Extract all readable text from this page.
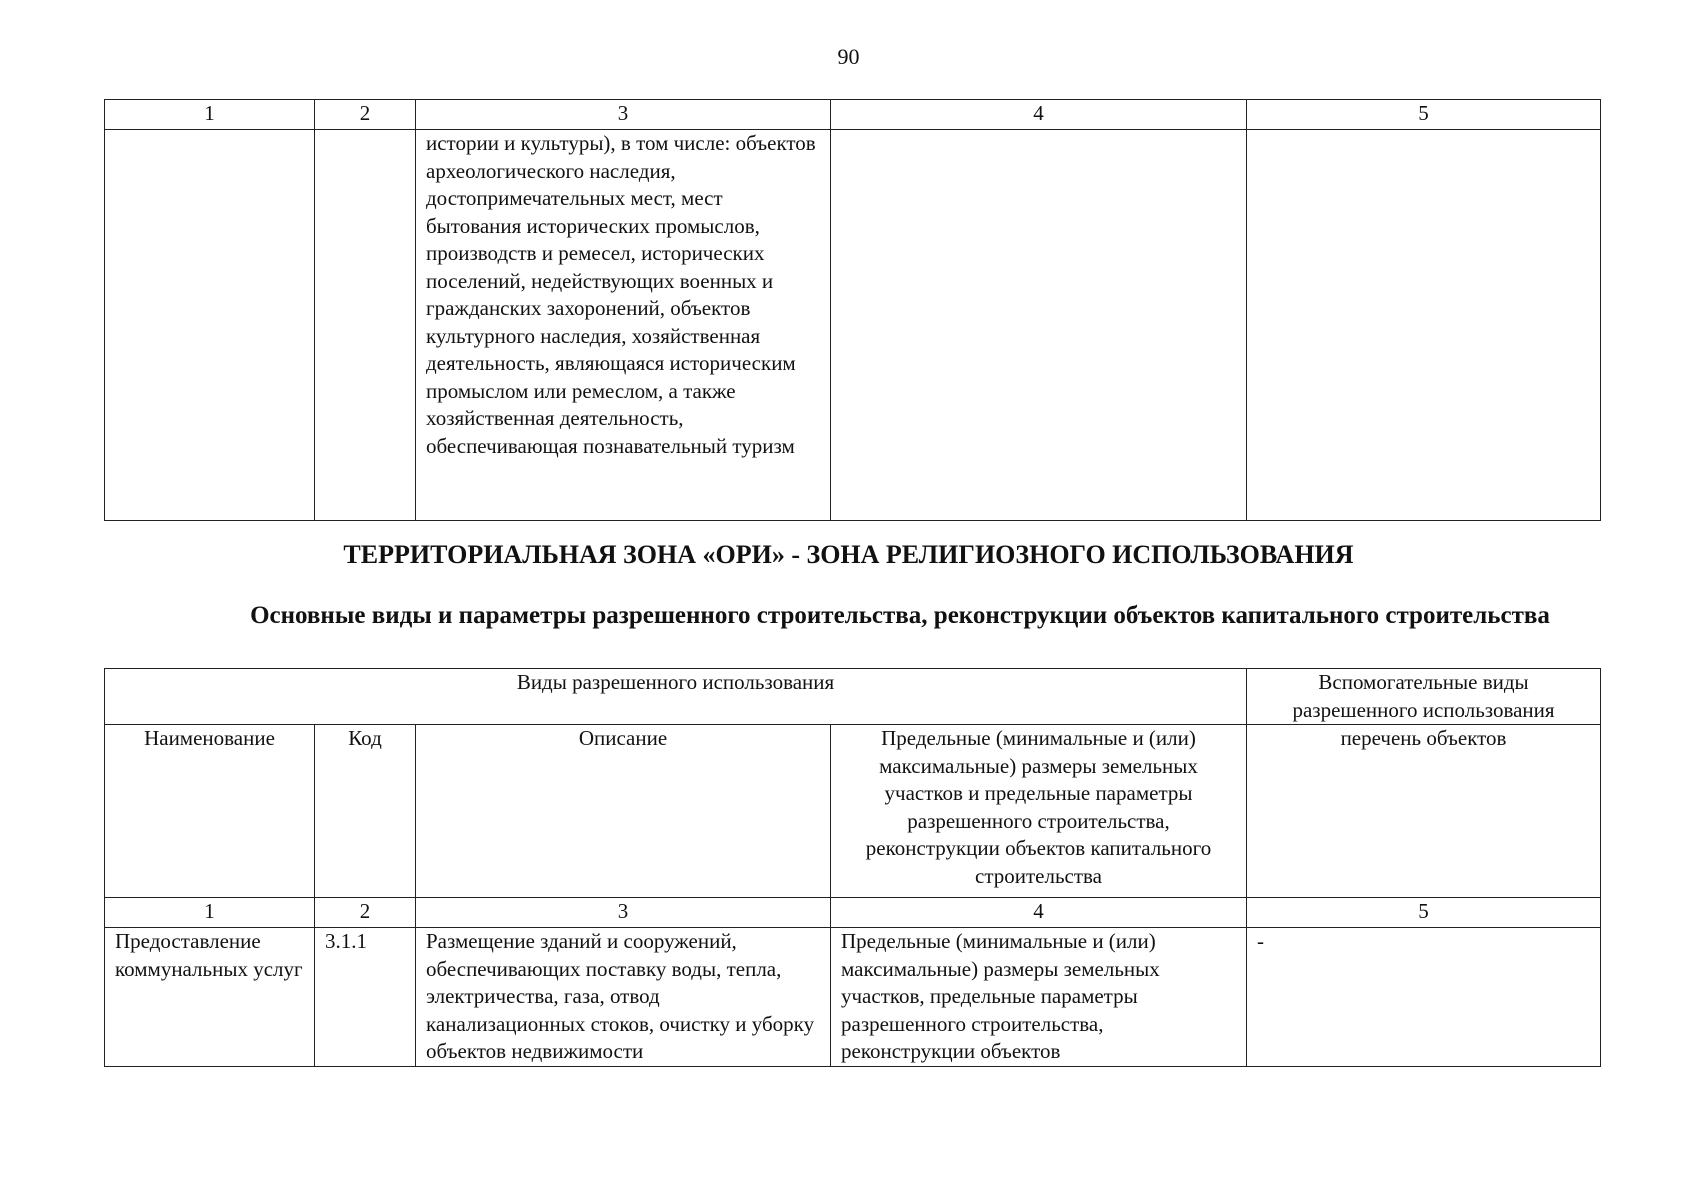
90
1	2	3	4	5
		истории и культуры), в том числе: объектов археологического наследия, достопримечательных мест, мест бытования исторических промыслов, производств и ремесел, исторических поселений, недействующих военных и гражданских захоронений, объектов культурного наследия, хозяйственная деятельность, являющаяся историческим промыслом или ремеслом, а также хозяйственная деятельность, обеспечивающая познавательный туризм		
ТЕРРИТОРИАЛЬНАЯ ЗОНА «ОРИ» - ЗОНА РЕЛИГИОЗНОГО ИСПОЛЬЗОВАНИЯ
Основные виды и параметры разрешенного строительства, реконструкции объектов капитального строительства
Виды разрешенного использования				Вспомогательные виды разрешенного использования
Наименование	Код	Описание	Предельные (минимальные и (или) максимальные) размеры земельных участков и предельные параметры разрешенного строительства, реконструкции объектов капитального строительства	перечень объектов
1	2	3	4	5
Предоставление коммунальных услуг	3.1.1	Размещение зданий и сооружений, обеспечивающих поставку воды, тепла, электричества, газа, отвод канализационных стоков, очистку и уборку объектов недвижимости	Предельные (минимальные и (или) максимальные) размеры земельных участков, предельные параметры разрешенного строительства, реконструкции объектов	-
